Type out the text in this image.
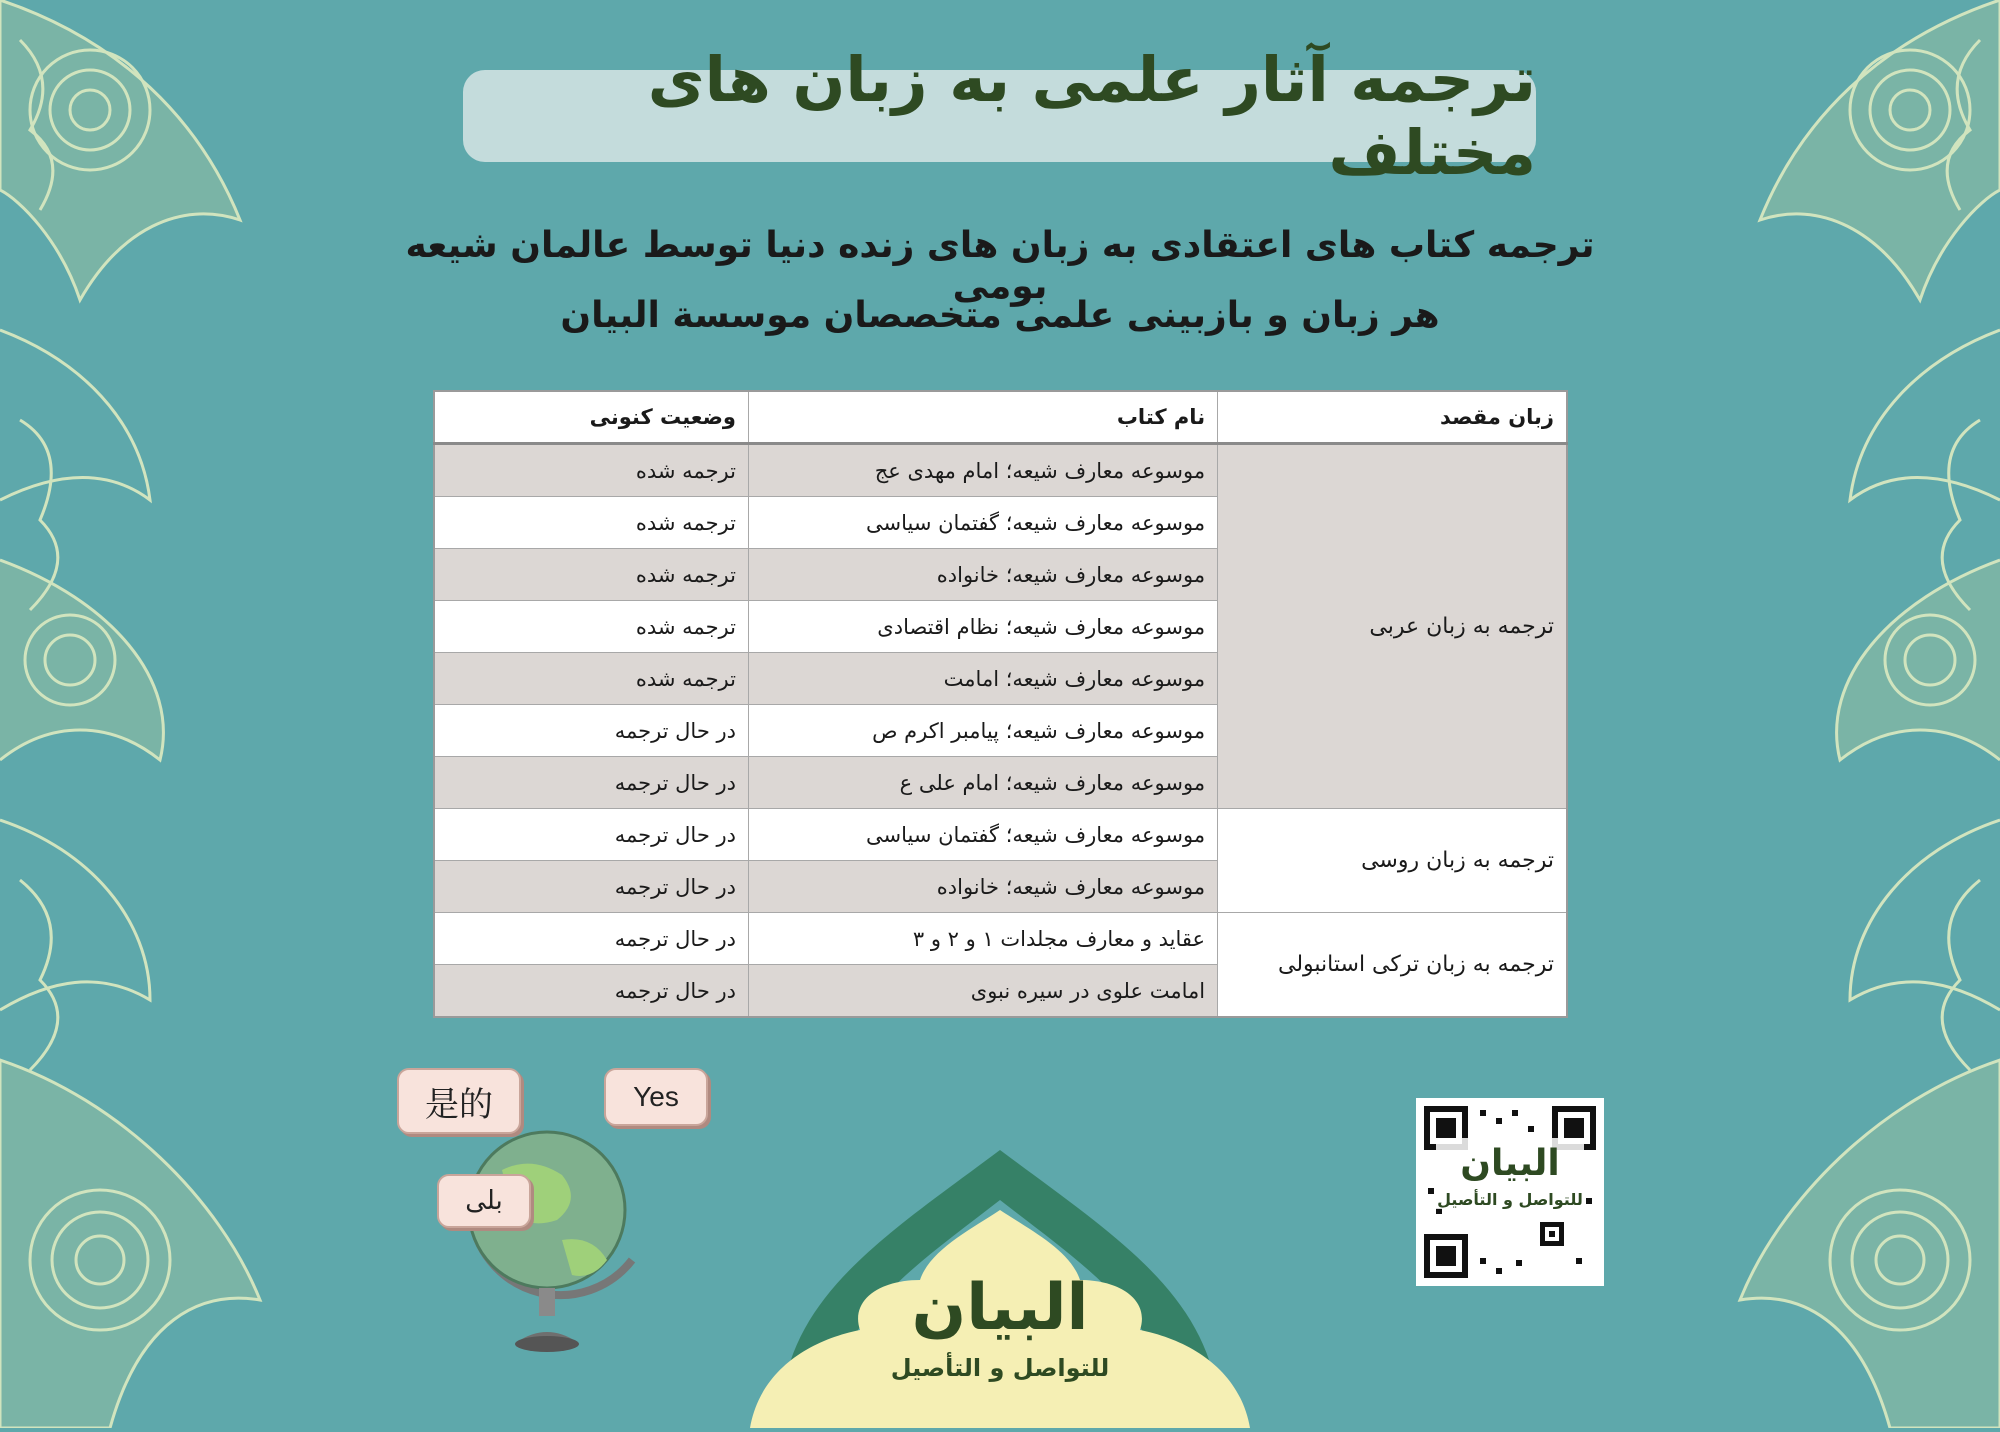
ترجمه آثار علمی به زبان های مختلف
ترجمه کتاب های اعتقادی به زبان های زنده دنیا توسط عالمان شیعه بومی
هر زبان و بازبینی علمی متخصصان موسسة البیان
زبان مقصد	نام کتاب	وضعیت کنونی
ترجمه به زبان عربی	موسوعه معارف شیعه؛ امام مهدی عج	ترجمه شده
	موسوعه معارف شیعه؛ گفتمان سیاسی	ترجمه شده
	موسوعه معارف شیعه؛ خانواده	ترجمه شده
	موسوعه معارف شیعه؛ نظام اقتصادی	ترجمه شده
	موسوعه معارف شیعه؛ امامت	ترجمه شده
	موسوعه معارف شیعه؛ پیامبر اکرم ص	در حال ترجمه
	موسوعه معارف شیعه؛ امام علی ع	در حال ترجمه
ترجمه به زبان روسی	موسوعه معارف شیعه؛ گفتمان سیاسی	در حال ترجمه
	موسوعه معارف شیعه؛ خانواده	در حال ترجمه
ترجمه به زبان ترکی استانبولی	عقاید و معارف مجلدات ۱ و ۲ و ۳	در حال ترجمه
	امامت علوی در سیره نبوی	در حال ترجمه
是的	Yes
بلی
البیان
للتواصل و التأصیل
البیان
للتواصل و التأصیل
